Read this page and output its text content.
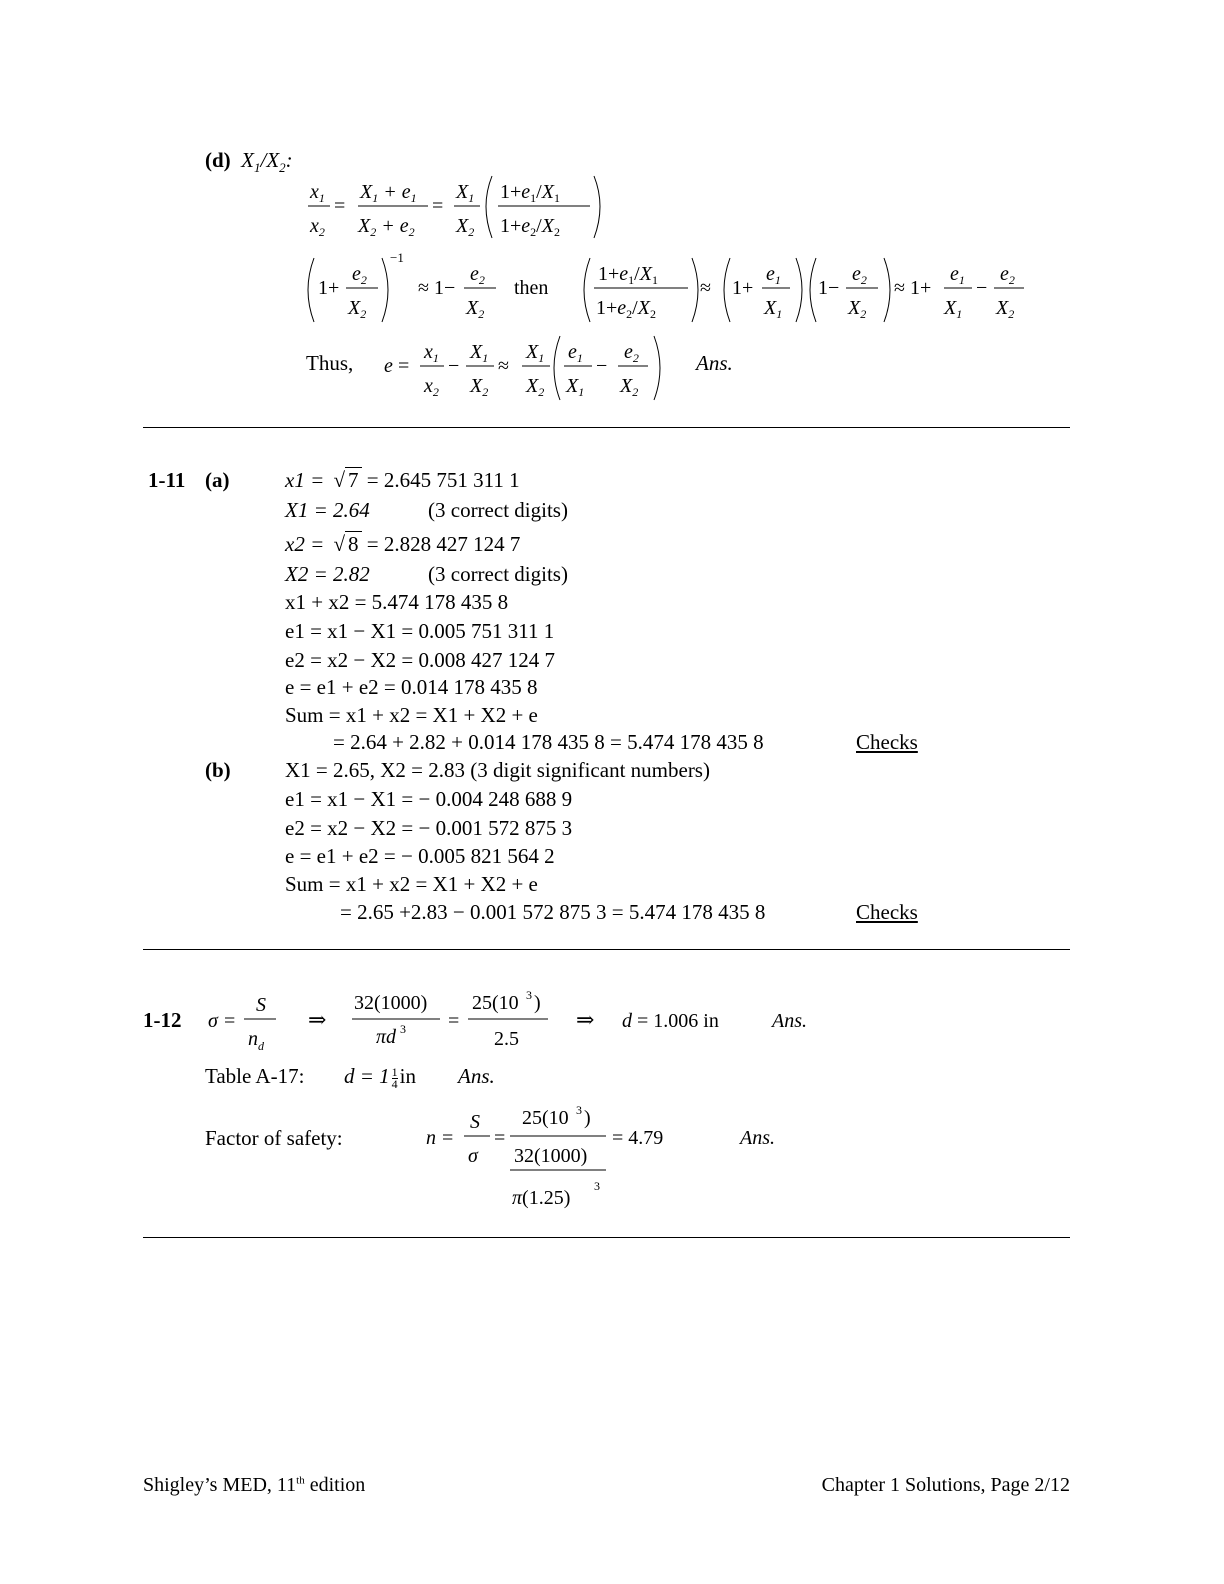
(d)  $X_1/X_2$:
$x_1$
$x_2$
=
$X_1 + e_1$
$X_2 + e_2$
=
$X_1$
$X_2$
$1+e_1/X_1$
$1+e_2/X_2$
1+
$e_2$
$X_2$
−1
≈ 1−
$e_2$
$X_2$
then
$1+e_1/X_1$
$1+e_2/X_2$
≈ 1+
$e_1$
$X_1$
1−
$e_2$
$X_2$
≈ 1+
$e_1$
$X_1$
−
$e_2$
$X_2$
Thus, e =
$x_1$
$x_2$
−
$X_1$
$X_2$
≈
$X_1$
$X_2$
$e_1$
$X_1$
−
$e_2$
$X_2$
Ans.
1-11 (a)	x1 = √ 7 = 2.645 751 311 1
X1 = 2.64	(3 correct digits)
x2 = √ 8 = 2.828 427 124 7
X2 = 2.82	(3 correct digits)
x1 + x2 = 5.474 178 435 8
e1 = x1 − X1 = 0.005 751 311 1
e2 = x2 − X2 = 0.008 427 124 7
e = e1 + e2 = 0.014 178 435 8
Sum = x1 + x2 = X1 + X2 + e
= 2.64 + 2.82 + 0.014 178 435 8 = 5.474 178 435 8	Checks
(b)	X1 = 2.65, X2 = 2.83 (3 digit significant numbers)
e1 = x1 − X1 = − 0.004 248 688 9
e2 = x2 − X2 = − 0.001 572 875 3
e = e1 + e2 = − 0.005 821 564 2
Sum = x1 + x2 = X1 + X2 + e
= 2.65 +2.83 − 0.001 572 875 3 = 5.474 178 435 8	Checks
1-12 σ =
S
$n_d$
⇒
32(1000)
πd 3 =
25(10 3 )
2.5
⇒ d = 1.006 in	Ans.
Table A-17: $d = 1 \frac{1}{4}$ in Ans.
Factor of safety:	n =
S
σ
=
25(10 3 )
32(1000)
π(1.25)
3
= 4.79	Ans.
Shigley’s MED, 11th edition	Chapter 1 Solutions, Page 2/12
